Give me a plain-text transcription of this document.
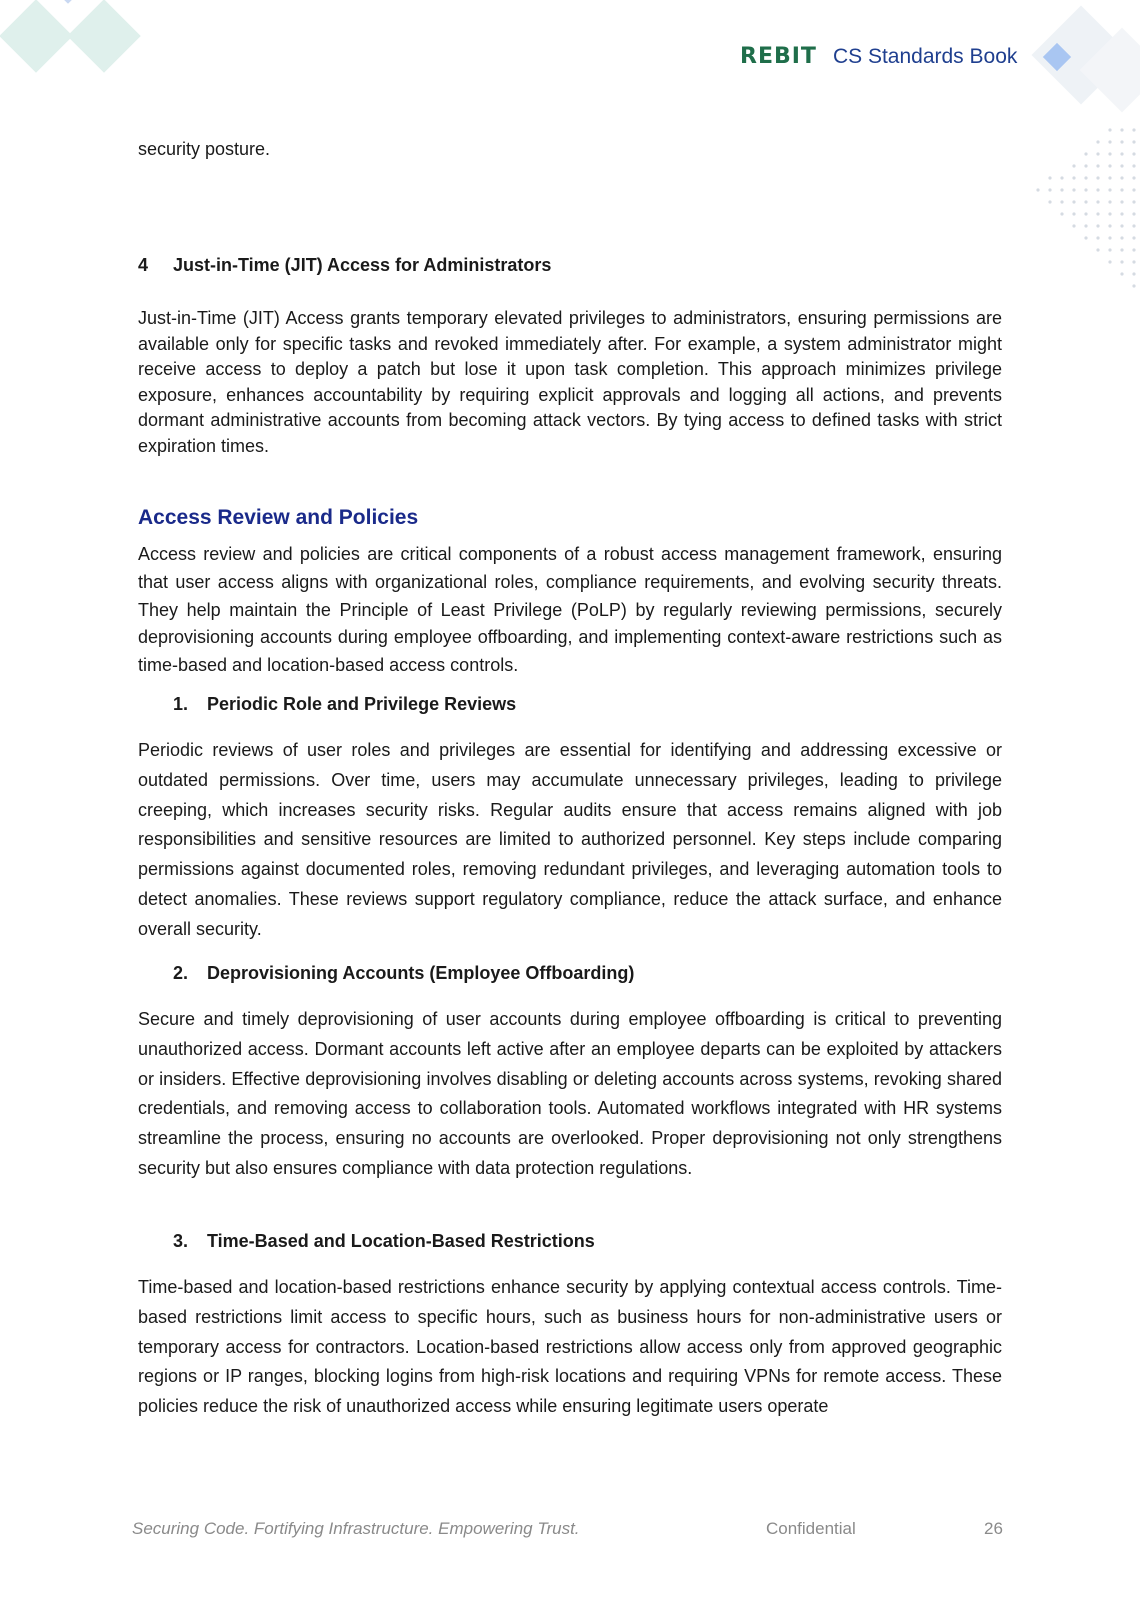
REBIT CS Standards Book
security posture.
4 Just-in-Time (JIT) Access for Administrators

Just-in-Time (JIT) Access grants temporary elevated privileges to administrators, ensuring permissions are available only for specific tasks and revoked immediately after. For example, a system administrator might receive access to deploy a patch but lose it upon task completion. This approach minimizes privilege exposure, enhances accountability by requiring explicit approvals and logging all actions, and prevents dormant administrative accounts from becoming attack vectors. By tying access to defined tasks with strict expiration times.

Access Review and Policies

Access review and policies are critical components of a robust access management framework, ensuring that user access aligns with organizational roles, compliance requirements, and evolving security threats. They help maintain the Principle of Least Privilege (PoLP) by regularly reviewing permissions, securely deprovisioning accounts during employee offboarding, and implementing context-aware restrictions such as time-based and location-based access controls.

1. Periodic Role and Privilege Reviews

Periodic reviews of user roles and privileges are essential for identifying and addressing excessive or outdated permissions. Over time, users may accumulate unnecessary privileges, leading to privilege creeping, which increases security risks. Regular audits ensure that access remains aligned with job responsibilities and sensitive resources are limited to authorized personnel. Key steps include comparing permissions against documented roles, removing redundant privileges, and leveraging automation tools to detect anomalies. These reviews support regulatory compliance, reduce the attack surface, and enhance overall security.

2. Deprovisioning Accounts (Employee Offboarding)

Secure and timely deprovisioning of user accounts during employee offboarding is critical to preventing unauthorized access. Dormant accounts left active after an employee departs can be exploited by attackers or insiders. Effective deprovisioning involves disabling or deleting accounts across systems, revoking shared credentials, and removing access to collaboration tools. Automated workflows integrated with HR systems streamline the process, ensuring no accounts are overlooked. Proper deprovisioning not only strengthens security but also ensures compliance with data protection regulations.

3. Time-Based and Location-Based Restrictions

Time-based and location-based restrictions enhance security by applying contextual access controls. Time-based restrictions limit access to specific hours, such as business hours for non-administrative users or temporary access for contractors. Location-based restrictions allow access only from approved geographic regions or IP ranges, blocking logins from high-risk locations and requiring VPNs for remote access. These policies reduce the risk of unauthorized access while ensuring legitimate users operate

Securing Code. Fortifying Infrastructure. Empowering Trust.	Confidential	26
